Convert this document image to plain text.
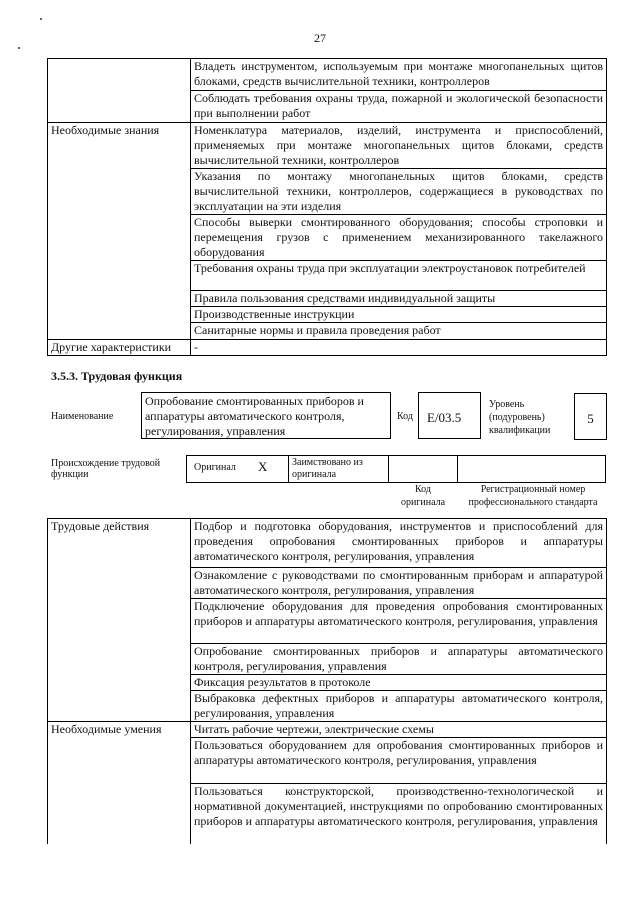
27
	Владеть инструментом, используемым при монтаже многопанельных щитов блоками, средств вычислительной техники, контроллеров
	Соблюдать требования охраны труда, пожарной и экологической безопасности при выполнении работ
Необходимые знания	Номенклатура материалов, изделий, инструмента и приспособлений, применяемых при монтаже многопанельных щитов блоками, средств вычислительной техники, контроллеров
	Указания по монтажу многопанельных щитов блоками, средств вычислительной техники, контроллеров, содержащиеся в руководствах по эксплуатации на эти изделия
	Способы выверки смонтированного оборудования; способы строповки и перемещения грузов с применением механизированного такелажного оборудования
	Требования охраны труда при эксплуатации электроустановок потребителей
	Правила пользования средствами индивидуальной защиты
	Производственные инструкции
	Санитарные нормы и правила проведения работ
Другие характеристики	-
3.5.3. Трудовая функция
Наименование
Опробование смонтированных приборов и аппаратуры автоматического контроля, регулирования, управления
Код	E/03.5
Уровень (подуровень) квалификации
5
Происхождение трудовой функции
Оригинал X Заимствовано из оригинала
Код оригинала
Регистрационный номер профессионального стандарта
Трудовые действия	Подбор и подготовка оборудования, инструментов и приспособлений для проведения опробования смонтированных приборов и аппаратуры автоматического контроля, регулирования, управления
	Ознакомление с руководствами по смонтированным приборам и аппаратурой автоматического контроля, регулирования, управления
	Подключение оборудования для проведения опробования смонтированных приборов и аппаратуры автоматического контроля, регулирования, управления
	Опробование смонтированных приборов и аппаратуры автоматического контроля, регулирования, управления
	Фиксация результатов в протоколе
	Выбраковка дефектных приборов и аппаратуры автоматического контроля, регулирования, управления
Необходимые умения	Читать рабочие чертежи, электрические схемы
	Пользоваться оборудованием для опробования смонтированных приборов и аппаратуры автоматического контроля, регулирования, управления
	Пользоваться конструкторской, производственно-технологической и нормативной документацией, инструкциями по опробованию смонтированных приборов и аппаратуры автоматического контроля, регулирования, управления
